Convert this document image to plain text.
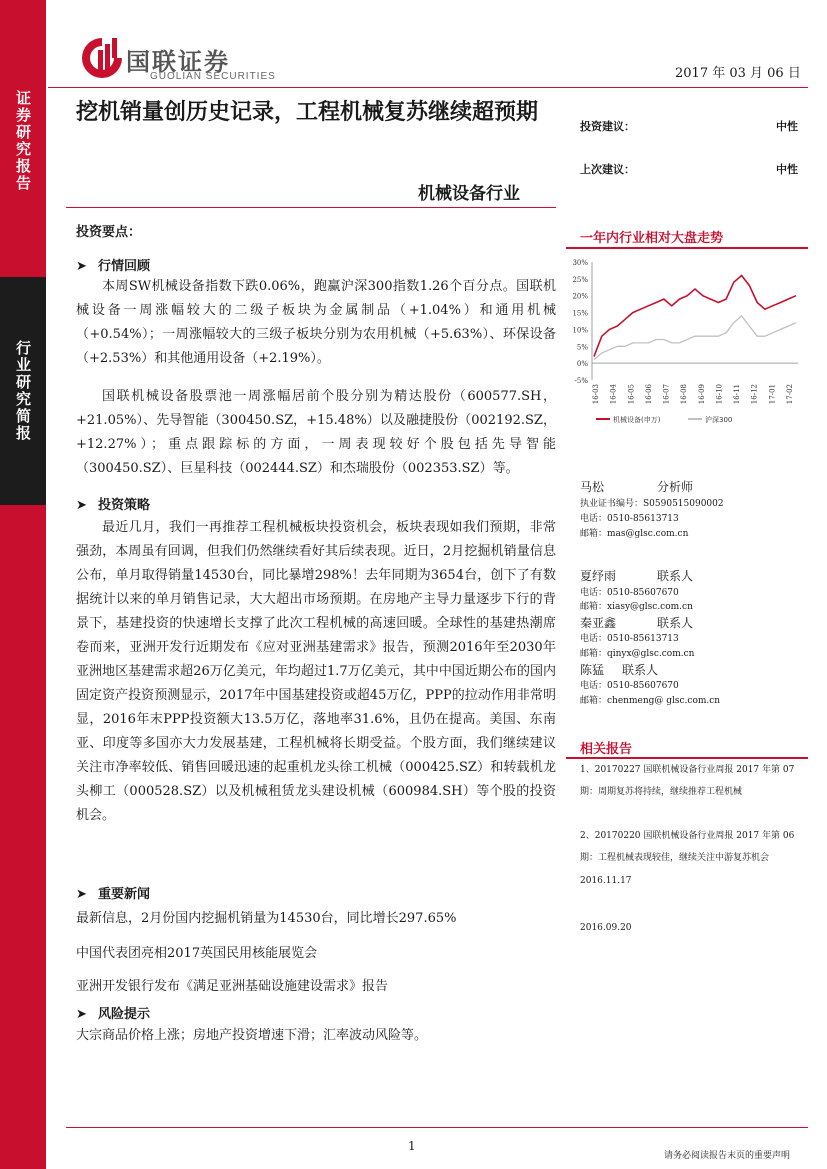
证券研究报告
行业研究简报
国联证券
GUOLIAN SECURITIES	2017 年 03 月 06 日
挖机销量创历史记录，工程机械复苏继续超预期
机械设备行业
投资建议：	中性
上次建议：	中性
投资要点：
➤ 行情回顾
本周SW机械设备指数下跌0.06%，跑赢沪深300指数1.26个百分点。国联机械设备一周涨幅较大的二级子板块为金属制品（+1.04%）和通用机械（+0.54%）；一周涨幅较大的三级子板块分别为农用机械（+5.63%）、环保设备（+2.53%）和其他通用设备（+2.19%）。
国联机械设备股票池一周涨幅居前个股分别为精达股份（600577.SH，+21.05%）、先导智能（300450.SZ，+15.48%）以及融捷股份（002192.SZ，+12.27%）；重点跟踪标的方面，一周表现较好个股包括先导智能（300450.SZ）、巨星科技（002444.SZ）和杰瑞股份（002353.SZ）等。
➤ 投资策略
最近几月，我们一再推荐工程机械板块投资机会，板块表现如我们预期，非常强劲，本周虽有回调，但我们仍然继续看好其后续表现。近日，2月挖掘机销量信息公布，单月取得销量14530台，同比暴增298%！去年同期为3654台，创下了有数据统计以来的单月销售记录，大大超出市场预期。在房地产主导力量逐步下行的背景下，基建投资的快速增长支撑了此次工程机械的高速回暖。全球性的基建热潮席卷而来，亚洲开发行近期发布《应对亚洲基建需求》报告，预测2016年至2030年亚洲地区基建需求超26万亿美元，年均超过1.7万亿美元，其中中国近期公布的国内固定资产投资预测显示，2017年中国基建投资或超45万亿，PPP的拉动作用非常明显，2016年末PPP投资额大13.5万亿，落地率31.6%，且仍在提高。美国、东南亚、印度等多国亦大力发展基建，工程机械将长期受益。个股方面，我们继续建议关注市净率较低、销售回暖迅速的起重机龙头徐工机械（000425.SZ）和转载机龙头柳工（000528.SZ）以及机械租赁龙头建设机械（600984.SH）等个股的投资机会。
➤ 重要新闻
最新信息，2月份国内挖掘机销量为14530台，同比增长297.65%
中国代表团亮相2017英国民用核能展览会
亚洲开发银行发布《满足亚洲基础设施建设需求》报告
➤ 风险提示
大宗商品价格上涨；房地产投资增速下滑；汇率波动风险等。
一年内行业相对大盘走势
30%
25%
20%
15%
10%
5%
0%
-5%
16-03 16-04 16-05 16-06 16-07 16-08 16-09 16-10 16-11 16-12 17-01 17-02
机械设备(申万)	沪深300
马松	分析师
执业证书编号：S0590515090002
电话：0510-85613713
邮箱：mas@glsc.com.cn
夏纾雨	联系人
电话：0510-85607670
邮箱：xiasy@glsc.com.cn
秦亚鑫	联系人
电话：0510-85613713
邮箱：qinyx@glsc.com.cn
陈猛 联系人
电话：0510-85607670
邮箱：chenmeng@ glsc.com.cn
相关报告
1、20170227 国联机械设备行业周报 2017 年第 07 期：周期复苏将持续，继续推荐工程机械
2、20170220 国联机械设备行业周报 2017 年第 06 期：工程机械表现较佳，继续关注中游复苏机会
2016.11.17
2016.09.20
1
请务必阅读报告末页的重要声明
